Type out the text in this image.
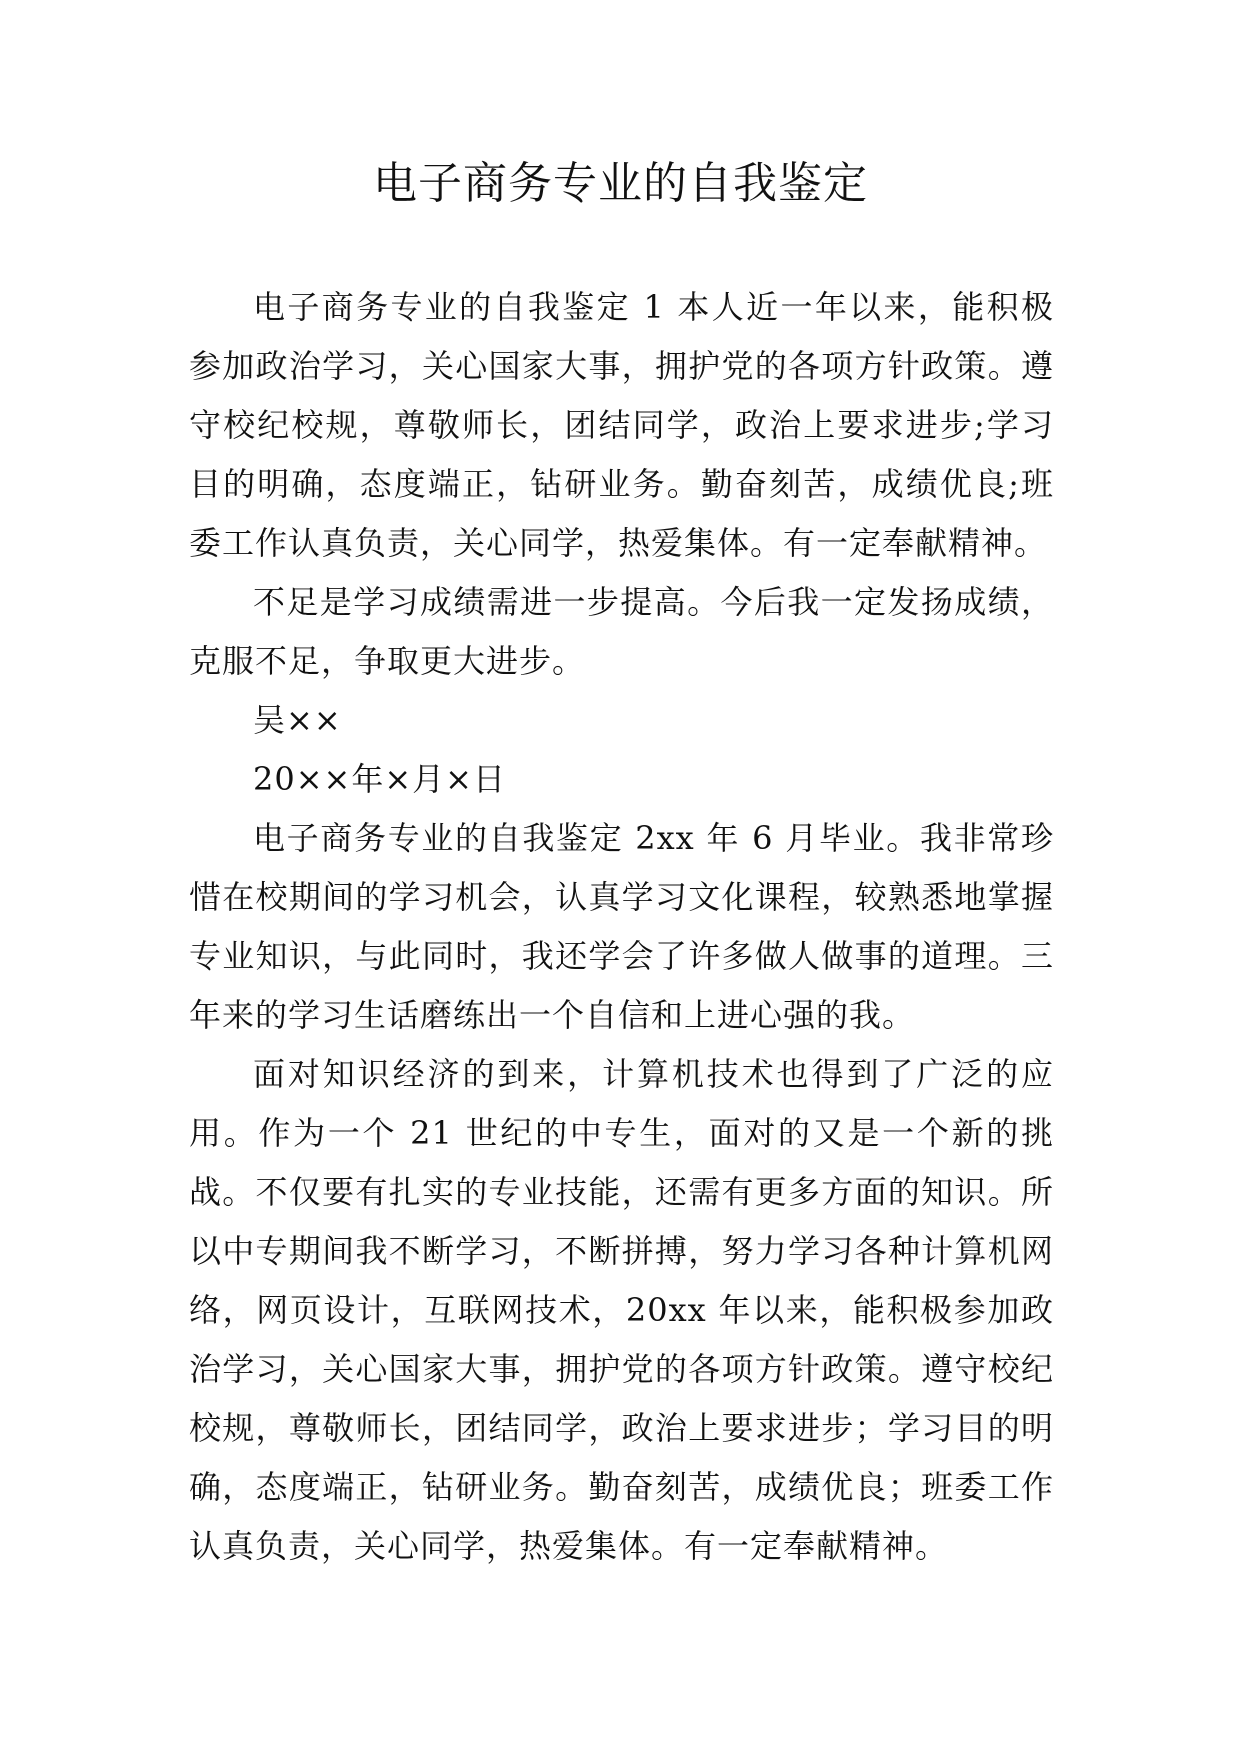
电子商务专业的自我鉴定

电子商务专业的自我鉴定 1 本人近一年以来，能积极参加政治学习，关心国家大事，拥护党的各项方针政策。遵守校纪校规，尊敬师长，团结同学，政治上要求进步;学习目的明确，态度端正，钻研业务。勤奋刻苦，成绩优良;班委工作认真负责，关心同学，热爱集体。有一定奉献精神。

不足是学习成绩需进一步提高。今后我一定发扬成绩，克服不足，争取更大进步。

吴××

20××年×月×日

电子商务专业的自我鉴定 2xx 年 6 月毕业。我非常珍惜在校期间的学习机会，认真学习文化课程，较熟悉地掌握专业知识，与此同时，我还学会了许多做人做事的道理。三年来的学习生话磨练出一个自信和上进心强的我。

面对知识经济的到来，计算机技术也得到了广泛的应用。作为一个 21 世纪的中专生，面对的又是一个新的挑战。不仅要有扎实的专业技能，还需有更多方面的知识。所以中专期间我不断学习，不断拼搏，努力学习各种计算机网络，网页设计，互联网技术，20xx 年以来，能积极参加政治学习，关心国家大事，拥护党的各项方针政策。遵守校纪校规，尊敬师长，团结同学，政治上要求进步；学习目的明确，态度端正，钻研业务。勤奋刻苦，成绩优良；班委工作认真负责，关心同学，热爱集体。有一定奉献精神。
